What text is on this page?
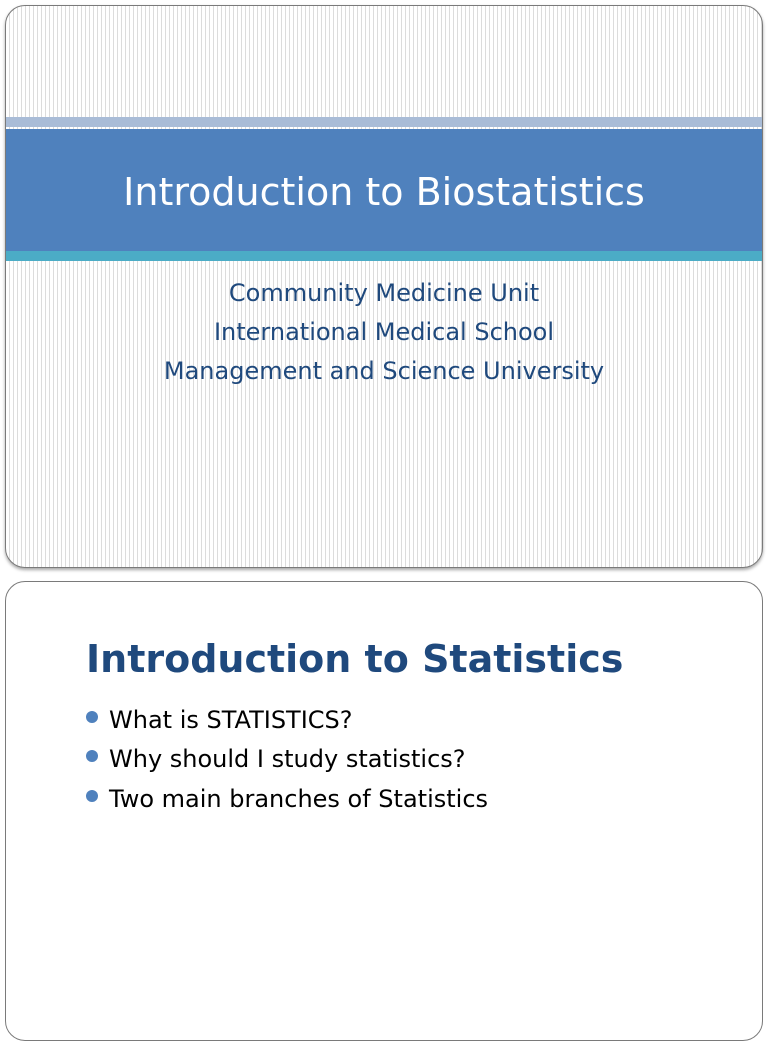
Introduction to Biostatistics
Community Medicine Unit
International Medical School
Management and Science University
Introduction to Statistics
What is STATISTICS?
Why should I study statistics?
Two main branches of Statistics
